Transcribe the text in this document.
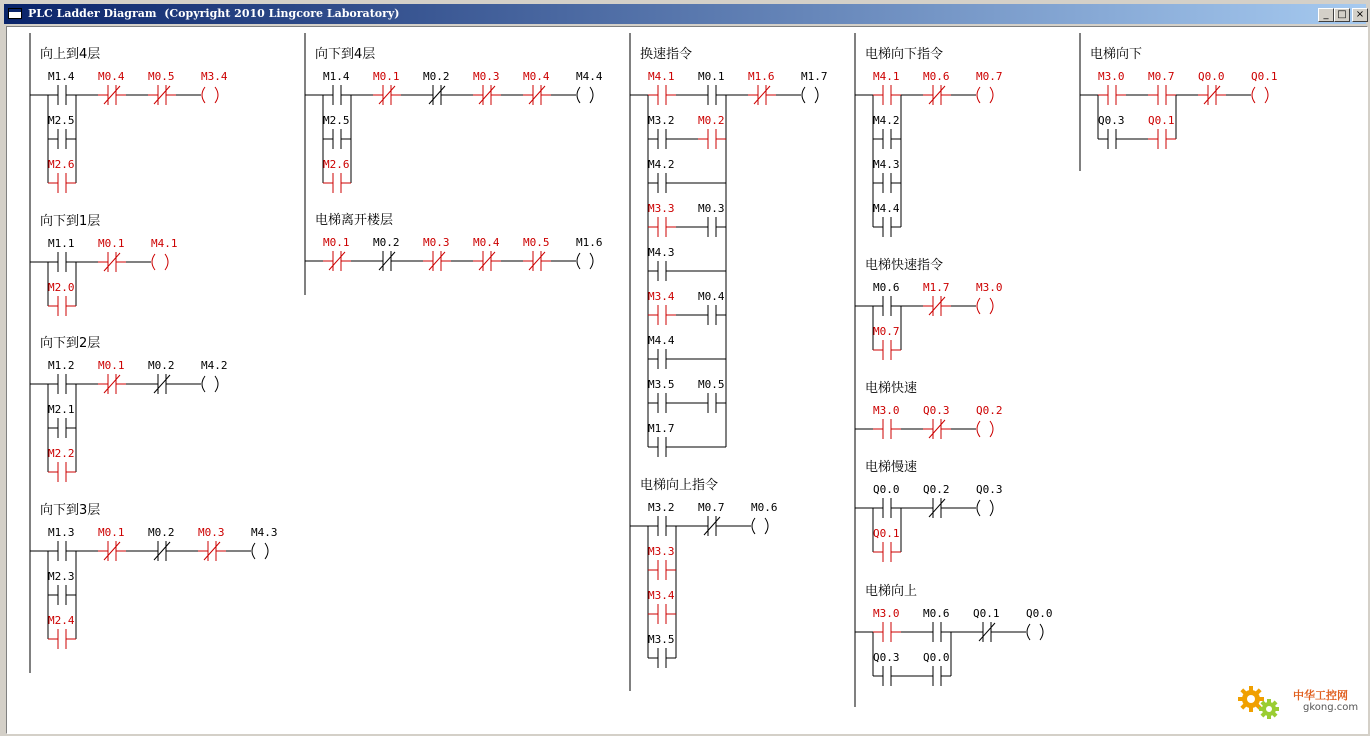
PLC Ladder Diagram  (Copyright 2010 Lingcore Laboratory)	_ □ ×
向上到4层
M1.4 M0.4 M0.5 M3.4
M2.5
M2.6
向下到1层
M1.1 M0.1 M4.1
M2.0
向下到2层
M1.2 M0.1 M0.2 M4.2
M2.1
M2.2
向下到3层
M1.3 M0.1 M0.2 M0.3 M4.3
M2.3
M2.4
向下到4层
M1.4 M0.1 M0.2 M0.3 M0.4 M4.4
M2.5
M2.6
电梯离开楼层
M0.1 M0.2 M0.3 M0.4 M0.5 M1.6
换速指令
M4.1 M0.1 M1.6 M1.7
M3.2 M0.2
M4.2
M3.3 M0.3
M4.3
M3.4 M0.4
M4.4
M3.5 M0.5
M1.7
电梯向上指令
M3.2 M0.7 M0.6
M3.3
M3.4
M3.5
电梯向下指令
M4.1 M0.6 M0.7
M4.2
M4.3
M4.4
电梯快速指令
M0.6 M1.7 M3.0
M0.7
电梯快速
M3.0 Q0.3 Q0.2
电梯慢速
Q0.0 Q0.2 Q0.3
Q0.1
电梯向上
M3.0 M0.6 Q0.1 Q0.0
Q0.3 Q0.0
电梯向下
M3.0 M0.7 Q0.0 Q0.1
Q0.3 Q0.1
中华工控网
gkong.com
